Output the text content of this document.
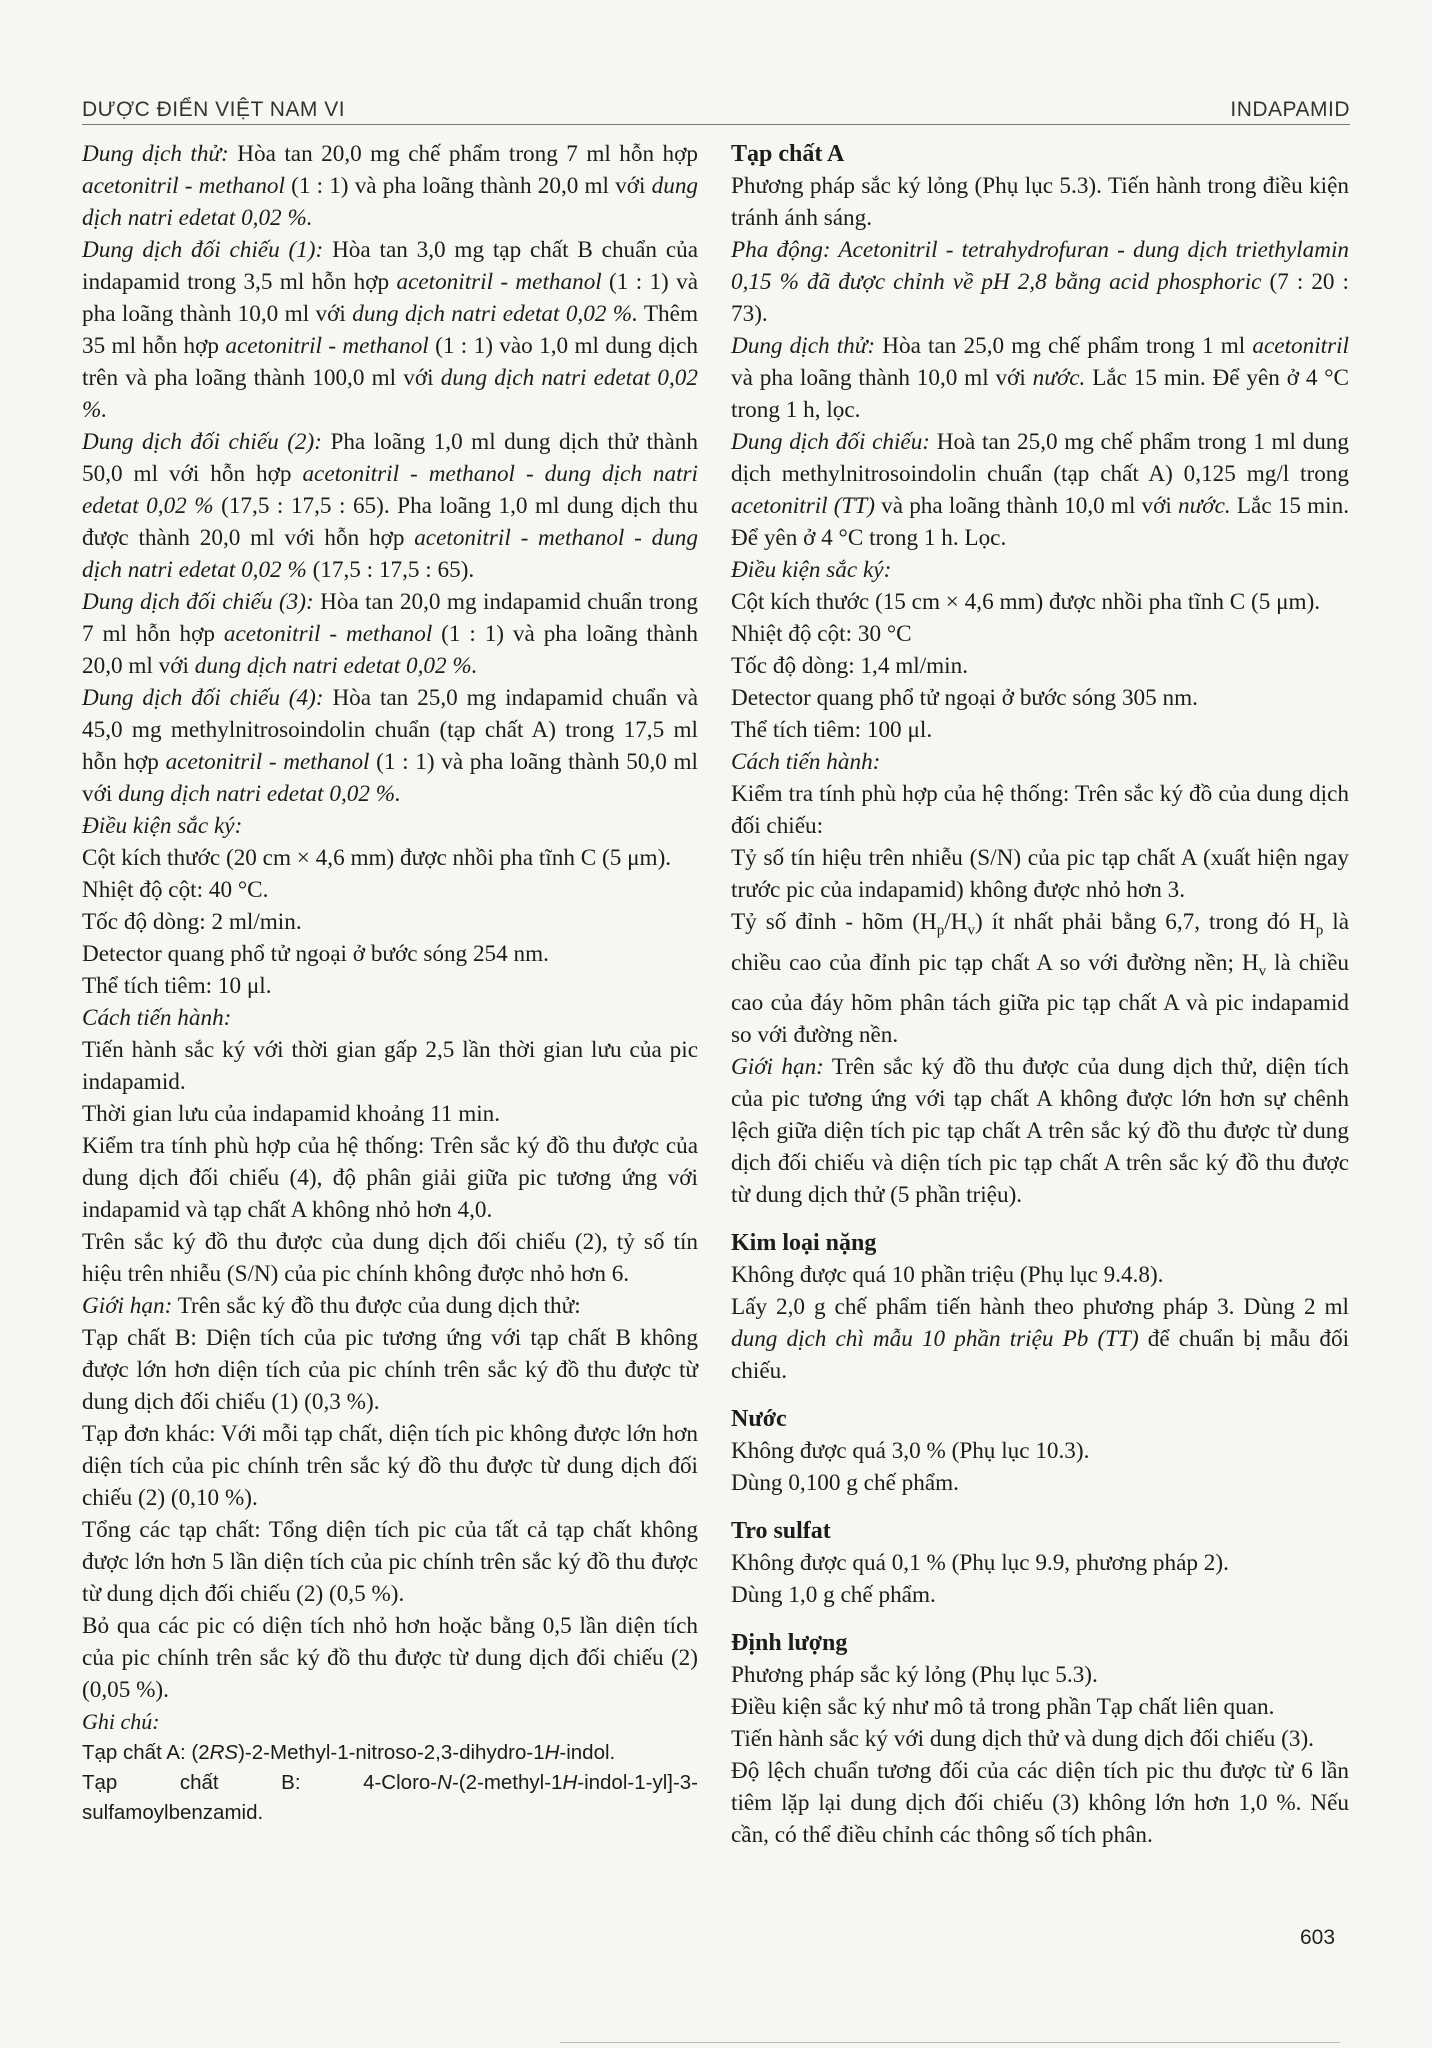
DƯỢC ĐIỂN VIỆT NAM VI	INDAPAMID

Dung dịch thử: Hòa tan 20,0 mg chế phẩm trong 7 ml hỗn hợp acetonitril - methanol (1 : 1) và pha loãng thành 20,0 ml với dung dịch natri edetat 0,02 %.

Dung dịch đối chiếu (1): Hòa tan 3,0 mg tạp chất B chuẩn của indapamid trong 3,5 ml hỗn hợp acetonitril - methanol (1 : 1) và pha loãng thành 10,0 ml với dung dịch natri edetat 0,02 %. Thêm 35 ml hỗn hợp acetonitril - methanol (1 : 1) vào 1,0 ml dung dịch trên và pha loãng thành 100,0 ml với dung dịch natri edetat 0,02 %.

Dung dịch đối chiếu (2): Pha loãng 1,0 ml dung dịch thử thành 50,0 ml với hỗn hợp acetonitril - methanol - dung dịch natri edetat 0,02 % (17,5 : 17,5 : 65). Pha loãng 1,0 ml dung dịch thu được thành 20,0 ml với hỗn hợp acetonitril - methanol - dung dịch natri edetat 0,02 % (17,5 : 17,5 : 65).

Dung dịch đối chiếu (3): Hòa tan 20,0 mg indapamid chuẩn trong 7 ml hỗn hợp acetonitril - methanol (1 : 1) và pha loãng thành 20,0 ml với dung dịch natri edetat 0,02 %.

Dung dịch đối chiếu (4): Hòa tan 25,0 mg indapamid chuẩn và 45,0 mg methylnitrosoindolin chuẩn (tạp chất A) trong 17,5 ml hỗn hợp acetonitril - methanol (1 : 1) và pha loãng thành 50,0 ml với dung dịch natri edetat 0,02 %.

Điều kiện sắc ký:

Cột kích thước (20 cm × 4,6 mm) được nhồi pha tĩnh C (5 μm).

Nhiệt độ cột: 40 °C.

Tốc độ dòng: 2 ml/min.

Detector quang phổ tử ngoại ở bước sóng 254 nm.

Thể tích tiêm: 10 μl.

Cách tiến hành:

Tiến hành sắc ký với thời gian gấp 2,5 lần thời gian lưu của pic indapamid.

Thời gian lưu của indapamid khoảng 11 min.

Kiểm tra tính phù hợp của hệ thống: Trên sắc ký đồ thu được của dung dịch đối chiếu (4), độ phân giải giữa pic tương ứng với indapamid và tạp chất A không nhỏ hơn 4,0.

Trên sắc ký đồ thu được của dung dịch đối chiếu (2), tỷ số tín hiệu trên nhiễu (S/N) của pic chính không được nhỏ hơn 6.

Giới hạn: Trên sắc ký đồ thu được của dung dịch thử:

Tạp chất B: Diện tích của pic tương ứng với tạp chất B không được lớn hơn diện tích của pic chính trên sắc ký đồ thu được từ dung dịch đối chiếu (1) (0,3 %).

Tạp đơn khác: Với mỗi tạp chất, diện tích pic không được lớn hơn diện tích của pic chính trên sắc ký đồ thu được từ dung dịch đối chiếu (2) (0,10 %).

Tổng các tạp chất: Tổng diện tích pic của tất cả tạp chất không được lớn hơn 5 lần diện tích của pic chính trên sắc ký đồ thu được từ dung dịch đối chiếu (2) (0,5 %).

Bỏ qua các pic có diện tích nhỏ hơn hoặc bằng 0,5 lần diện tích của pic chính trên sắc ký đồ thu được từ dung dịch đối chiếu (2) (0,05 %).

Ghi chú:

Tạp chất A: (2RS)-2-Methyl-1-nitroso-2,3-dihydro-1H-indol.

Tạp chất B: 4-Cloro-N-(2-methyl-1H-indol-1-yl]-3-sulfamoylbenzamid.

Tạp chất A

Phương pháp sắc ký lỏng (Phụ lục 5.3). Tiến hành trong điều kiện tránh ánh sáng.

Pha động: Acetonitril - tetrahydrofuran - dung dịch triethylamin 0,15 % đã được chỉnh về pH 2,8 bằng acid phosphoric (7 : 20 : 73).

Dung dịch thử: Hòa tan 25,0 mg chế phẩm trong 1 ml acetonitril và pha loãng thành 10,0 ml với nước. Lắc 15 min. Để yên ở 4 °C trong 1 h, lọc.

Dung dịch đối chiếu: Hoà tan 25,0 mg chế phẩm trong 1 ml dung dịch methylnitrosoindolin chuẩn (tạp chất A) 0,125 mg/l trong acetonitril (TT) và pha loãng thành 10,0 ml với nước. Lắc 15 min. Để yên ở 4 °C trong 1 h. Lọc.

Điều kiện sắc ký:

Cột kích thước (15 cm × 4,6 mm) được nhồi pha tĩnh C (5 μm).

Nhiệt độ cột: 30 °C

Tốc độ dòng: 1,4 ml/min.

Detector quang phổ tử ngoại ở bước sóng 305 nm.

Thể tích tiêm: 100 μl.

Cách tiến hành:

Kiểm tra tính phù hợp của hệ thống: Trên sắc ký đồ của dung dịch đối chiếu:

Tỷ số tín hiệu trên nhiễu (S/N) của pic tạp chất A (xuất hiện ngay trước pic của indapamid) không được nhỏ hơn 3.

Tỷ số đỉnh - hõm $(H_p/H_v)$ ít nhất phải bằng 6,7, trong đó $H_p$ là chiều cao của đỉnh pic tạp chất A so với đường nền; $H_v$ là chiều cao của đáy hõm phân tách giữa pic tạp chất A và pic indapamid so với đường nền.

Giới hạn: Trên sắc ký đồ thu được của dung dịch thử, diện tích của pic tương ứng với tạp chất A không được lớn hơn sự chênh lệch giữa diện tích pic tạp chất A trên sắc ký đồ thu được từ dung dịch đối chiếu và diện tích pic tạp chất A trên sắc ký đồ thu được từ dung dịch thử (5 phần triệu).

Kim loại nặng

Không được quá 10 phần triệu (Phụ lục 9.4.8).

Lấy 2,0 g chế phẩm tiến hành theo phương pháp 3. Dùng 2 ml dung dịch chì mẫu 10 phần triệu Pb (TT) để chuẩn bị mẫu đối chiếu.

Nước

Không được quá 3,0 % (Phụ lục 10.3).

Dùng 0,100 g chế phẩm.

Tro sulfat

Không được quá 0,1 % (Phụ lục 9.9, phương pháp 2).

Dùng 1,0 g chế phẩm.

Định lượng

Phương pháp sắc ký lỏng (Phụ lục 5.3).

Điều kiện sắc ký như mô tả trong phần Tạp chất liên quan.

Tiến hành sắc ký với dung dịch thử và dung dịch đối chiếu (3).

Độ lệch chuẩn tương đối của các diện tích pic thu được từ 6 lần tiêm lặp lại dung dịch đối chiếu (3) không lớn hơn 1,0 %. Nếu cần, có thể điều chỉnh các thông số tích phân.

603
